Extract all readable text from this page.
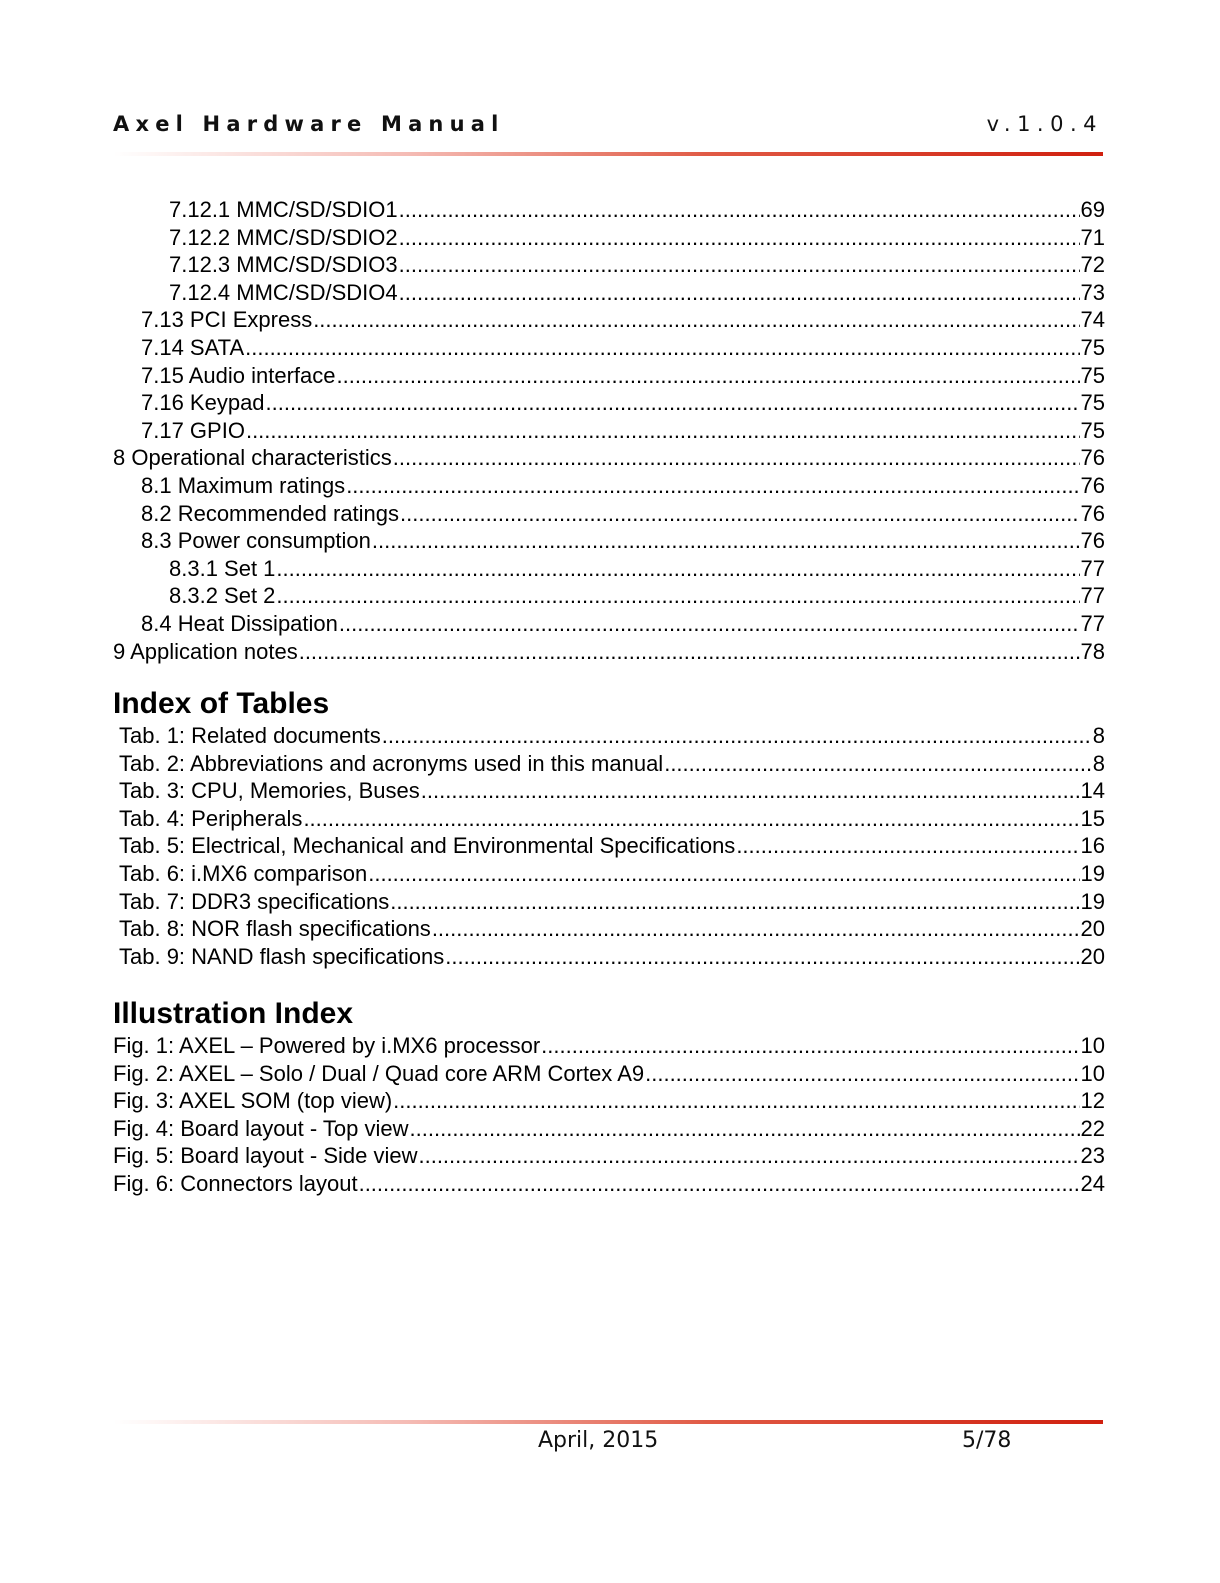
Axel Hardware Manual	v.1.0.4
7.12.1 MMC/SD/SDIO1 .....	69
7.12.2 MMC/SD/SDIO2 .....	71
7.12.3 MMC/SD/SDIO3 .....	72
7.12.4 MMC/SD/SDIO4 .....	73
7.13 PCI Express .....	74
7.14 SATA .....	75
7.15 Audio interface .....	75
7.16 Keypad .....	75
7.17 GPIO .....	75
8 Operational characteristics .....	76
8.1 Maximum ratings .....	76
8.2 Recommended ratings .....	76
8.3 Power consumption .....	76
8.3.1 Set 1 .....	77
8.3.2 Set 2 .....	77
8.4 Heat Dissipation .....	77
9 Application notes .....	78
Index of Tables
Tab. 1: Related documents .....	8
Tab. 2: Abbreviations and acronyms used in this manual .....	8
Tab. 3: CPU, Memories, Buses .....	14
Tab. 4: Peripherals .....	15
Tab. 5: Electrical, Mechanical and Environmental Specifications .....	16
Tab. 6: i.MX6 comparison .....	19
Tab. 7: DDR3 specifications .....	19
Tab. 8: NOR flash specifications .....	20
Tab. 9: NAND flash specifications .....	20
Illustration Index
Fig. 1: AXEL – Powered by i.MX6 processor .....	10
Fig. 2: AXEL – Solo / Dual / Quad core ARM Cortex A9 .....	10
Fig. 3: AXEL SOM (top view) .....	12
Fig. 4: Board layout - Top view .....	22
Fig. 5: Board layout - Side view .....	23
Fig. 6: Connectors layout .....	24
April, 2015	5/78
